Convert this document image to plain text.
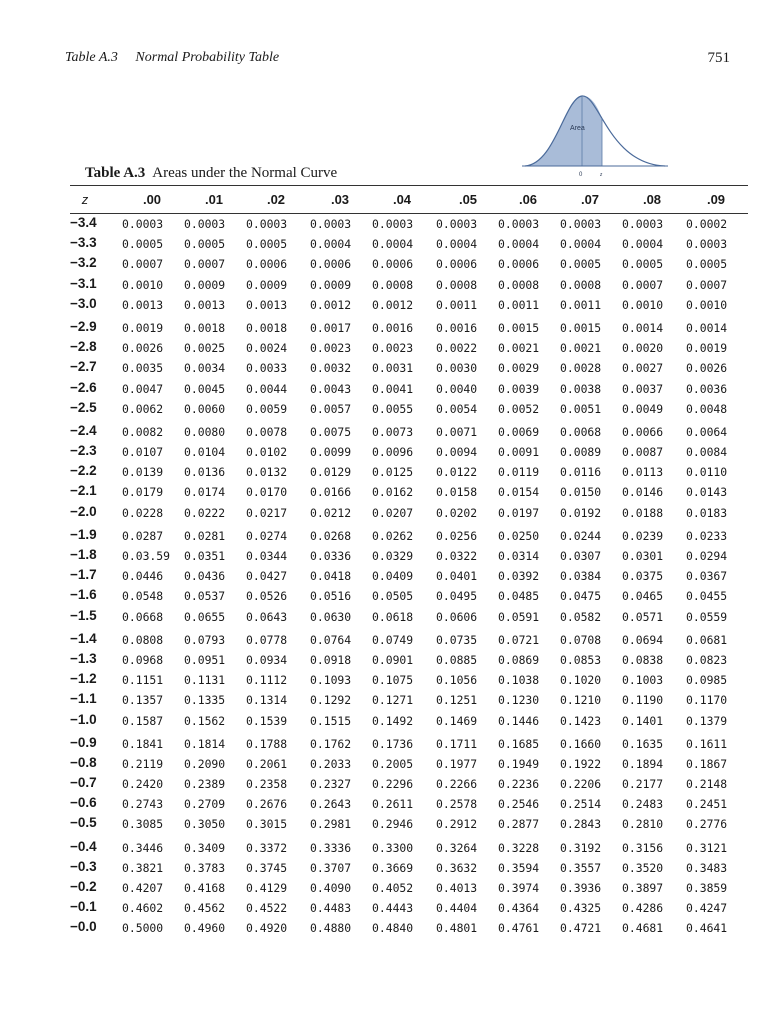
Table A.3 Normal Probability Table	751
Area
0	z
Table A.3 Areas under the Normal Curve
z	.00	.01	.02	.03	.04	.05	.06	.07	.08	.09
−3.4	0.0003	0.0003	0.0003	0.0003	0.0003	0.0003	0.0003	0.0003	0.0003	0.0002
−3.3	0.0005	0.0005	0.0005	0.0004	0.0004	0.0004	0.0004	0.0004	0.0004	0.0003
−3.2	0.0007	0.0007	0.0006	0.0006	0.0006	0.0006	0.0006	0.0005	0.0005	0.0005
−3.1	0.0010	0.0009	0.0009	0.0009	0.0008	0.0008	0.0008	0.0008	0.0007	0.0007
−3.0	0.0013	0.0013	0.0013	0.0012	0.0012	0.0011	0.0011	0.0011	0.0010	0.0010
−2.9	0.0019	0.0018	0.0018	0.0017	0.0016	0.0016	0.0015	0.0015	0.0014	0.0014
−2.8	0.0026	0.0025	0.0024	0.0023	0.0023	0.0022	0.0021	0.0021	0.0020	0.0019
−2.7	0.0035	0.0034	0.0033	0.0032	0.0031	0.0030	0.0029	0.0028	0.0027	0.0026
−2.6	0.0047	0.0045	0.0044	0.0043	0.0041	0.0040	0.0039	0.0038	0.0037	0.0036
−2.5	0.0062	0.0060	0.0059	0.0057	0.0055	0.0054	0.0052	0.0051	0.0049	0.0048
−2.4	0.0082	0.0080	0.0078	0.0075	0.0073	0.0071	0.0069	0.0068	0.0066	0.0064
−2.3	0.0107	0.0104	0.0102	0.0099	0.0096	0.0094	0.0091	0.0089	0.0087	0.0084
−2.2	0.0139	0.0136	0.0132	0.0129	0.0125	0.0122	0.0119	0.0116	0.0113	0.0110
−2.1	0.0179	0.0174	0.0170	0.0166	0.0162	0.0158	0.0154	0.0150	0.0146	0.0143
−2.0	0.0228	0.0222	0.0217	0.0212	0.0207	0.0202	0.0197	0.0192	0.0188	0.0183
−1.9	0.0287	0.0281	0.0274	0.0268	0.0262	0.0256	0.0250	0.0244	0.0239	0.0233
−1.8	0.03.59	0.0351	0.0344	0.0336	0.0329	0.0322	0.0314	0.0307	0.0301	0.0294
−1.7	0.0446	0.0436	0.0427	0.0418	0.0409	0.0401	0.0392	0.0384	0.0375	0.0367
−1.6	0.0548	0.0537	0.0526	0.0516	0.0505	0.0495	0.0485	0.0475	0.0465	0.0455
−1.5	0.0668	0.0655	0.0643	0.0630	0.0618	0.0606	0.0591	0.0582	0.0571	0.0559
−1.4	0.0808	0.0793	0.0778	0.0764	0.0749	0.0735	0.0721	0.0708	0.0694	0.0681
−1.3	0.0968	0.0951	0.0934	0.0918	0.0901	0.0885	0.0869	0.0853	0.0838	0.0823
−1.2	0.1151	0.1131	0.1112	0.1093	0.1075	0.1056	0.1038	0.1020	0.1003	0.0985
−1.1	0.1357	0.1335	0.1314	0.1292	0.1271	0.1251	0.1230	0.1210	0.1190	0.1170
−1.0	0.1587	0.1562	0.1539	0.1515	0.1492	0.1469	0.1446	0.1423	0.1401	0.1379
−0.9	0.1841	0.1814	0.1788	0.1762	0.1736	0.1711	0.1685	0.1660	0.1635	0.1611
−0.8	0.2119	0.2090	0.2061	0.2033	0.2005	0.1977	0.1949	0.1922	0.1894	0.1867
−0.7	0.2420	0.2389	0.2358	0.2327	0.2296	0.2266	0.2236	0.2206	0.2177	0.2148
−0.6	0.2743	0.2709	0.2676	0.2643	0.2611	0.2578	0.2546	0.2514	0.2483	0.2451
−0.5	0.3085	0.3050	0.3015	0.2981	0.2946	0.2912	0.2877	0.2843	0.2810	0.2776
−0.4	0.3446	0.3409	0.3372	0.3336	0.3300	0.3264	0.3228	0.3192	0.3156	0.3121
−0.3	0.3821	0.3783	0.3745	0.3707	0.3669	0.3632	0.3594	0.3557	0.3520	0.3483
−0.2	0.4207	0.4168	0.4129	0.4090	0.4052	0.4013	0.3974	0.3936	0.3897	0.3859
−0.1	0.4602	0.4562	0.4522	0.4483	0.4443	0.4404	0.4364	0.4325	0.4286	0.4247
−0.0	0.5000	0.4960	0.4920	0.4880	0.4840	0.4801	0.4761	0.4721	0.4681	0.4641
